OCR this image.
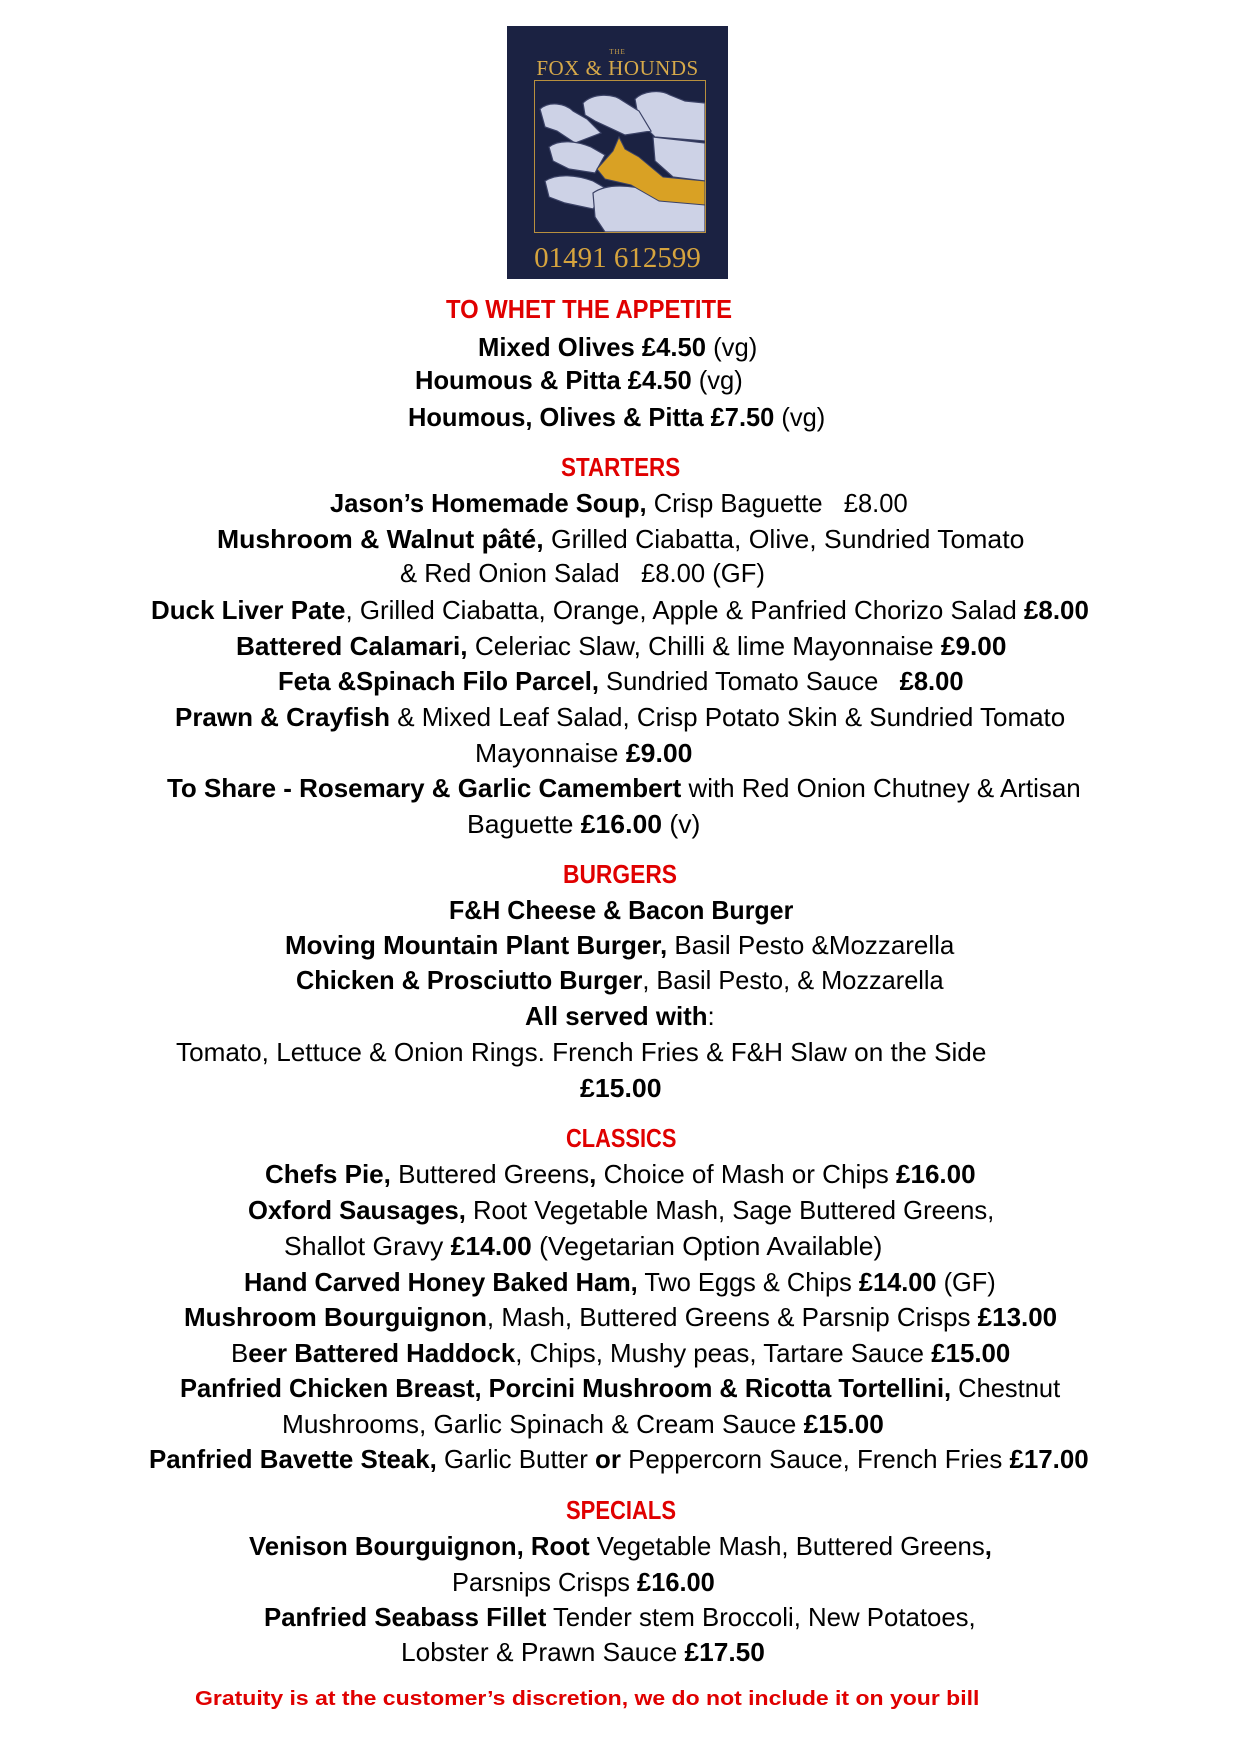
THE
FOX & HOUNDS
01491 612599
TO WHET THE APPETITE
Mixed Olives £4.50 (vg)
Houmous & Pitta £4.50 (vg)
Houmous, Olives & Pitta £7.50 (vg)
STARTERS
Jason’s Homemade Soup, Crisp Baguette   £8.00
Mushroom & Walnut pâté, Grilled Ciabatta, Olive, Sundried Tomato
& Red Onion Salad   £8.00 (GF)
Duck Liver Pate, Grilled Ciabatta, Orange, Apple & Panfried Chorizo Salad £8.00
Battered Calamari, Celeriac Slaw, Chilli & lime Mayonnaise £9.00
Feta &Spinach Filo Parcel, Sundried Tomato Sauce   £8.00
Prawn & Crayfish & Mixed Leaf Salad, Crisp Potato Skin & Sundried Tomato
Mayonnaise £9.00
To Share - Rosemary & Garlic Camembert with Red Onion Chutney & Artisan
Baguette £16.00 (v)
BURGERS
F&H Cheese & Bacon Burger
Moving Mountain Plant Burger, Basil Pesto &Mozzarella
Chicken & Prosciutto Burger, Basil Pesto, & Mozzarella
All served with:
Tomato, Lettuce & Onion Rings. French Fries & F&H Slaw on the Side
£15.00
CLASSICS
Chefs Pie, Buttered Greens, Choice of Mash or Chips £16.00
Oxford Sausages, Root Vegetable Mash, Sage Buttered Greens,
Shallot Gravy £14.00 (Vegetarian Option Available)
Hand Carved Honey Baked Ham, Two Eggs & Chips £14.00 (GF)
Mushroom Bourguignon, Mash, Buttered Greens & Parsnip Crisps £13.00
Beer Battered Haddock, Chips, Mushy peas, Tartare Sauce £15.00
Panfried Chicken Breast, Porcini Mushroom & Ricotta Tortellini, Chestnut
Mushrooms, Garlic Spinach & Cream Sauce £15.00
Panfried Bavette Steak, Garlic Butter or Peppercorn Sauce, French Fries £17.00
SPECIALS
Venison Bourguignon, Root Vegetable Mash, Buttered Greens,
Parsnips Crisps £16.00
Panfried Seabass Fillet Tender stem Broccoli, New Potatoes,
Lobster & Prawn Sauce £17.50
Gratuity is at the customer’s discretion, we do not include it on your bill
